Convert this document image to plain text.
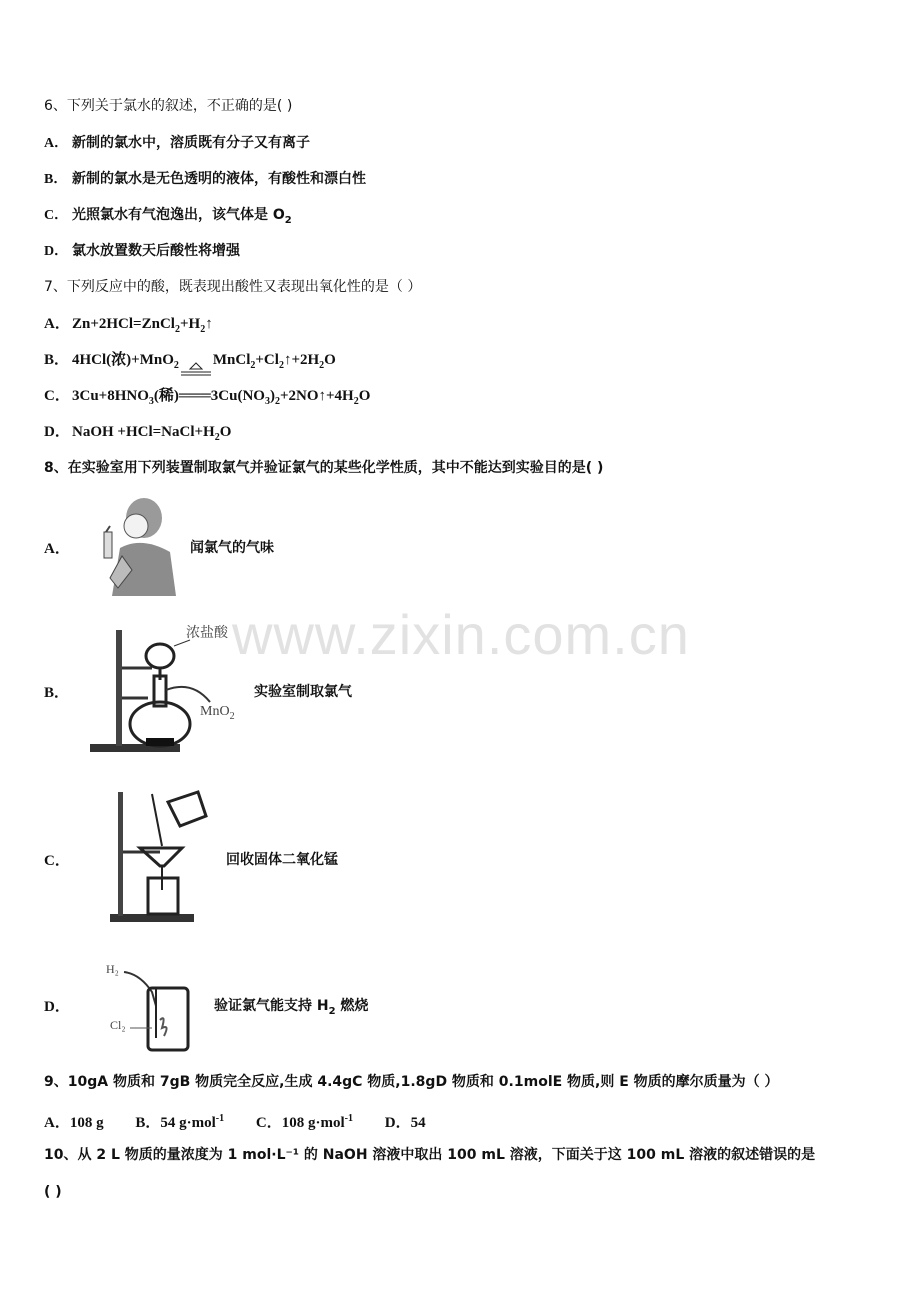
www.zixin.com.cn
6、下列关于氯水的叙述，不正确的是( )
A． 新制的氯水中，溶质既有分子又有离子
B． 新制的氯水是无色透明的液体，有酸性和漂白性
C． 光照氯水有气泡逸出，该气体是 $O_2$
D． 氯水放置数天后酸性将增强
7、下列反应中的酸，既表现出酸性又表现出氧化性的是（ ）
A． $Zn+2HCl=ZnCl_2+H_2↑$
B． 4HCl(浓)+MnO$_2$ $MnCl_2+Cl_2↑+2H_2O$
C． $3Cu+8HNO_3$(稀)$═══3Cu(NO_3)_2+2NO↑+4H_2O$
D． NaOH $+HCl=NaCl+H_2O$
8、在实验室用下列装置制取氯气并验证氯气的某些化学性质，其中不能达到实验目的是( )
A．	闻氯气的气味
B．
浓盐酸
MnO$_2$
实验室制取氯气
C．	回收固体二氧化锰
D．
H₂
Cl₂
验证氯气能支持 $H_2$ 燃烧
9、10gA 物质和 7gB 物质完全反应,生成 4.4gC 物质,1.8gD 物质和 0.1molE 物质,则 E 物质的摩尔质量为（ ）
A．108 g B．54 g·mol$^{-1}$ C．108 g·mol$^{-1}$ D．54
10、从 2 L 物质的量浓度为 1 mol·L⁻¹ 的 NaOH 溶液中取出 100 mL 溶液，下面关于这 100 mL 溶液的叙述错误的是
( )
